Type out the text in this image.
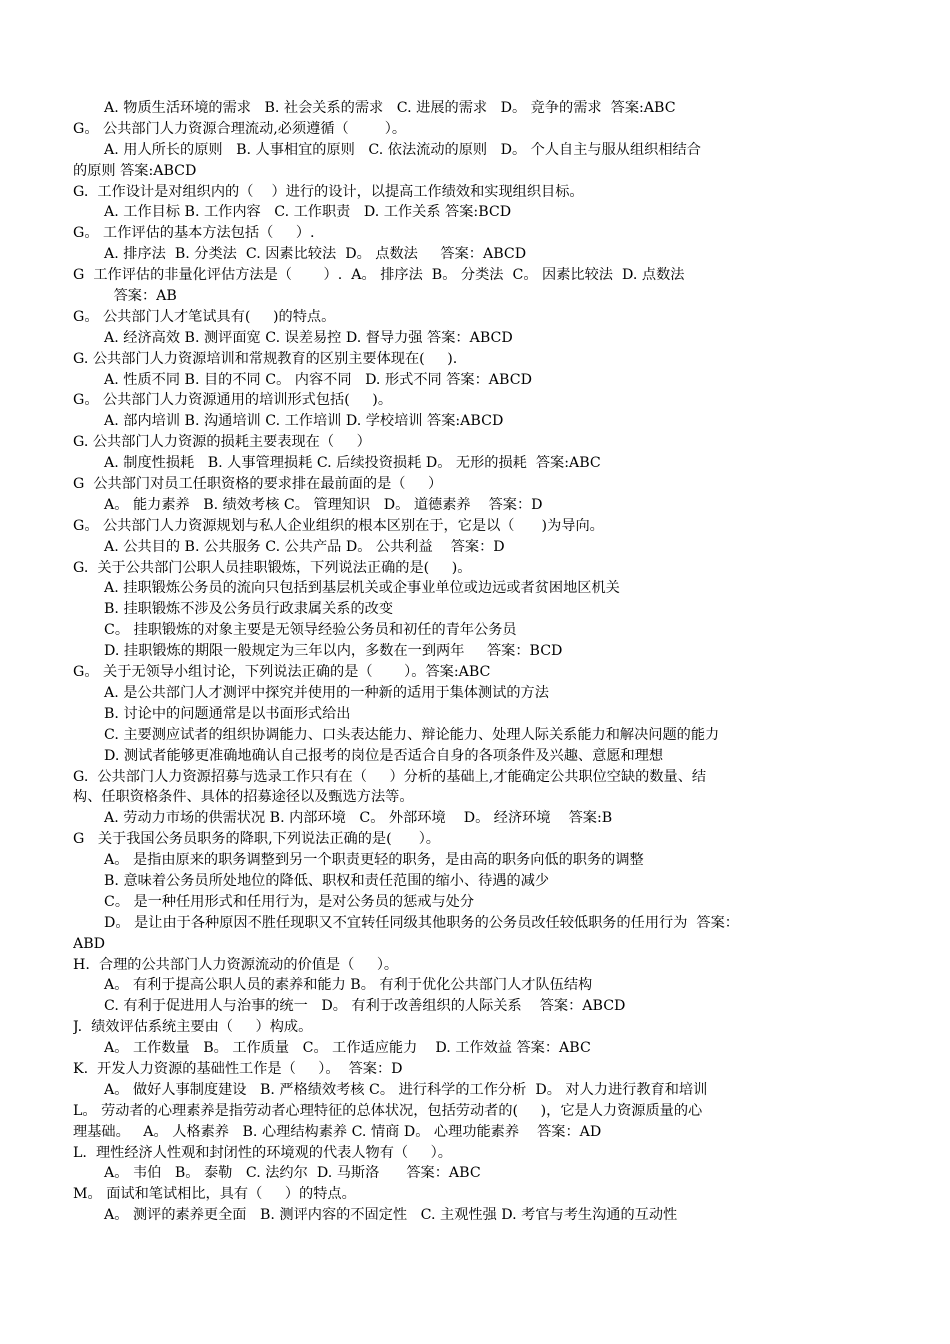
A. 物质生活环境的需求   B. 社会关系的需求   C. 进展的需求   D。 竞争的需求  答案:ABC
G。 公共部门人力资源合理流动,必须遵循（        ）。
A. 用人所长的原则   B. 人事相宜的原则   C. 依法流动的原则   D。 个人自主与服从组织相结合
的原则 答案:ABCD
G.  工作设计是对组织内的（    ）进行的设计，以提高工作绩效和实现组织目标。
A. 工作目标 B. 工作内容   C. 工作职责   D. 工作关系 答案:BCD
G。 工作评估的基本方法包括（     ）.
A. 排序法  B. 分类法  C. 因素比较法  D。 点数法     答案：ABCD
G  工作评估的非量化评估方法是（       ）.  A。 排序法  B。 分类法  C。 因素比较法  D. 点数法
答案：AB
G。 公共部门人才笔试具有(     )的特点。
A. 经济高效 B. 测评面宽 C. 误差易控 D. 督导力强 答案：ABCD
G. 公共部门人力资源培训和常规教育的区别主要体现在(     ).
A. 性质不同 B. 目的不同 C。 内容不同   D. 形式不同 答案：ABCD
G。 公共部门人力资源通用的培训形式包括(     )。
A. 部内培训 B. 沟通培训 C. 工作培训 D. 学校培训 答案:ABCD
G. 公共部门人力资源的损耗主要表现在（     ）
A. 制度性损耗   B. 人事管理损耗 C. 后续投资损耗 D。 无形的损耗  答案:ABC
G  公共部门对员工任职资格的要求排在最前面的是（     ）
A。 能力素养   B. 绩效考核 C。 管理知识   D。 道德素养    答案：D
G。 公共部门人力资源规划与私人企业组织的根本区别在于，它是以（      )为导向。
A. 公共目的 B. 公共服务 C. 公共产品 D。 公共利益    答案：D
G.  关于公共部门公职人员挂职锻炼，下列说法正确的是(     )。
A. 挂职锻炼公务员的流向只包括到基层机关或企事业单位或边远或者贫困地区机关
B. 挂职锻炼不涉及公务员行政隶属关系的改变
C。 挂职锻炼的对象主要是无领导经验公务员和初任的青年公务员
D. 挂职锻炼的期限一般规定为三年以内，多数在一到两年     答案：BCD
G。 关于无领导小组讨论，下列说法正确的是（       ）。答案:ABC
A. 是公共部门人才测评中探究并使用的一种新的适用于集体测试的方法
B. 讨论中的问题通常是以书面形式给出
C. 主要测应试者的组织协调能力、口头表达能力、辩论能力、处理人际关系能力和解决问题的能力
D. 测试者能够更准确地确认自己报考的岗位是否适合自身的各项条件及兴趣、意愿和理想
G.  公共部门人力资源招募与选录工作只有在（     ）分析的基础上,才能确定公共职位空缺的数量、结
构、任职资格条件、具体的招募途径以及甄选方法等。
A. 劳动力市场的供需状况 B. 内部环境   C。 外部环境    D。 经济环境    答案:B
G   关于我国公务员职务的降职,下列说法正确的是(      ）。
A。 是指由原来的职务调整到另一个职责更轻的职务，是由高的职务向低的职务的调整
B. 意味着公务员所处地位的降低、职权和责任范围的缩小、待遇的减少
C。 是一种任用形式和任用行为，是对公务员的惩戒与处分
D。 是让由于各种原因不胜任现职又不宜转任同级其他职务的公务员改任较低职务的任用行为  答案：
ABD
H.  合理的公共部门人力资源流动的价值是（     ）。
A。 有利于提高公职人员的素养和能力 B。 有利于优化公共部门人才队伍结构
C. 有利于促进用人与治事的统一   D。 有利于改善组织的人际关系    答案：ABCD
J.  绩效评估系统主要由（     ）构成。
A。 工作数量   B。 工作质量   C。 工作适应能力    D. 工作效益 答案：ABC
K.  开发人力资源的基础性工作是（     ）。  答案：D
A。 做好人事制度建设   B. 严格绩效考核 C。 进行科学的工作分析  D。 对人力进行教育和培训
L。 劳动者的心理素养是指劳动者心理特征的总体状况，包括劳动者的(     )，它是人力资源质量的心
理基础。   A。 人格素养   B. 心理结构素养 C. 情商 D。 心理功能素养    答案：AD
L.  理性经济人性观和封闭性的环境观的代表人物有（     ）。
A。 韦伯   B。 泰勒   C. 法约尔  D. 马斯洛      答案：ABC
M。 面试和笔试相比，具有（     ）的特点。
A。 测评的素养更全面   B. 测评内容的不固定性   C. 主观性强 D. 考官与考生沟通的互动性
